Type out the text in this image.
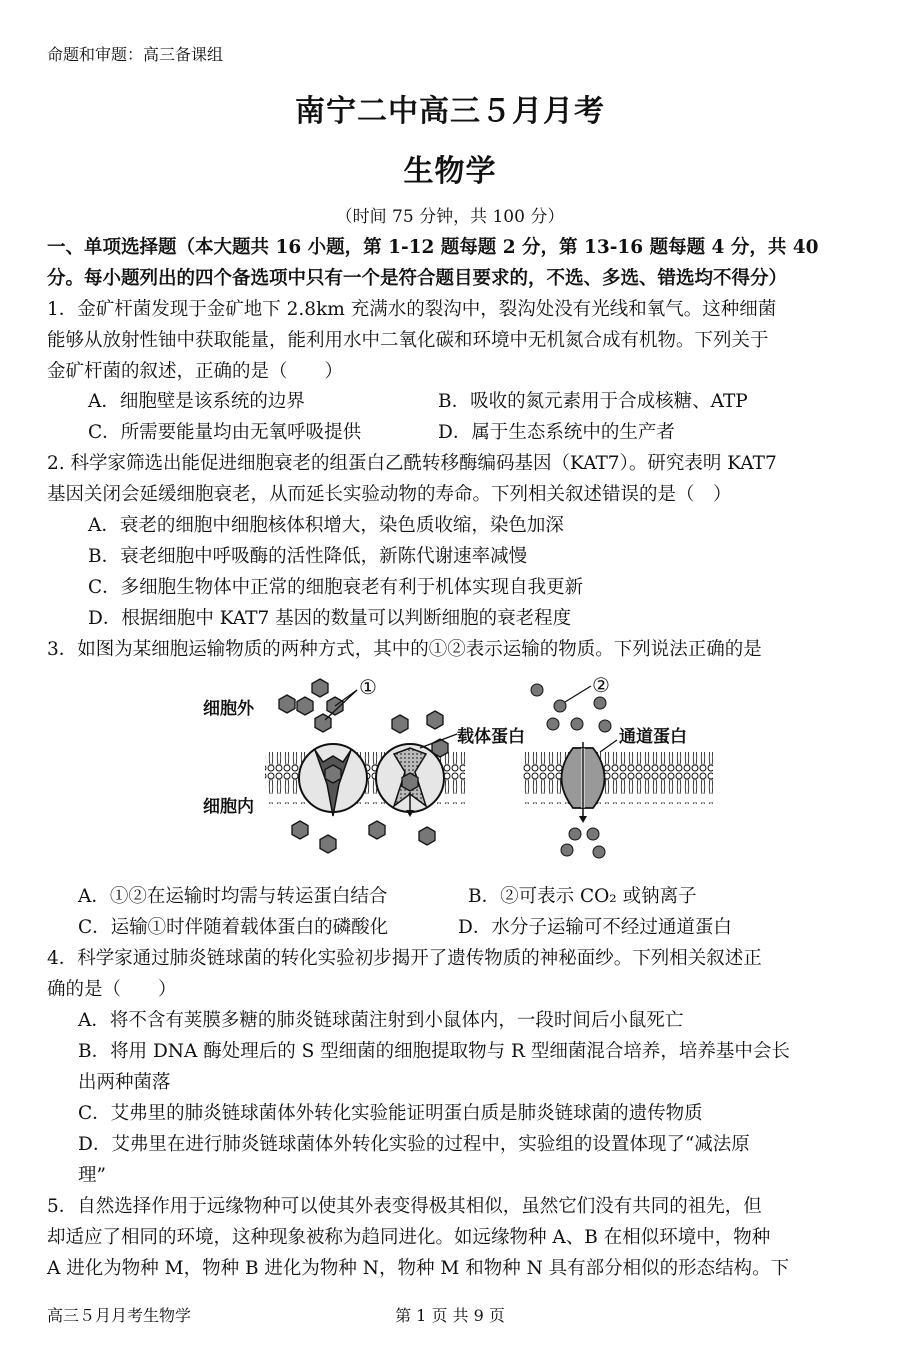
命题和审题：高三备课组
南宁二中高三５月月考
生物学
（时间 75 分钟，共 100 分）
一、单项选择题（本大题共 16 小题，第 1-12 题每题 2 分，第 13-16 题每题 4 分，共 40
分。每小题列出的四个备选项中只有一个是符合题目要求的，不选、多选、错选均不得分）
1．金矿杆菌发现于金矿地下 2.8km 充满水的裂沟中，裂沟处没有光线和氧气。这种细菌
能够从放射性铀中获取能量，能利用水中二氧化碳和环境中无机氮合成有机物。下列关于
金矿杆菌的叙述，正确的是（　　）
A．细胞壁是该系统的边界	B．吸收的氮元素用于合成核糖、ATP
C．所需要能量均由无氧呼吸提供	D．属于生态系统中的生产者
2. 科学家筛选出能促进细胞衰老的组蛋白乙酰转移酶编码基因（KAT7）。研究表明 KAT7
基因关闭会延缓细胞衰老，从而延长实验动物的寿命。下列相关叙述错误的是（　）
A．衰老的细胞中细胞核体积增大，染色质收缩，染色加深
B．衰老细胞中呼吸酶的活性降低，新陈代谢速率减慢
C．多细胞生物体中正常的细胞衰老有利于机体实现自我更新
D．根据细胞中 KAT7 基因的数量可以判断细胞的衰老程度
3．如图为某细胞运输物质的两种方式，其中的①②表示运输的物质。下列说法正确的是
细胞外
细胞内
①
载体蛋白	通道蛋白
②
A．①②在运输时均需与转运蛋白结合	B．②可表示 CO₂ 或钠离子
C．运输①时伴随着载体蛋白的磷酸化	D．水分子运输可不经过通道蛋白
4．科学家通过肺炎链球菌的转化实验初步揭开了遗传物质的神秘面纱。下列相关叙述正
确的是（　　）
A．将不含有荚膜多糖的肺炎链球菌注射到小鼠体内，一段时间后小鼠死亡
B．将用 DNA 酶处理后的 S 型细菌的细胞提取物与 R 型细菌混合培养，培养基中会长
出两种菌落
C．艾弗里的肺炎链球菌体外转化实验能证明蛋白质是肺炎链球菌的遗传物质
D．艾弗里在进行肺炎链球菌体外转化实验的过程中，实验组的设置体现了“减法原
理”
5．自然选择作用于远缘物种可以使其外表变得极其相似，虽然它们没有共同的祖先，但
却适应了相同的环境，这种现象被称为趋同进化。如远缘物种 A、B 在相似环境中，物种
A 进化为物种 M，物种 B 进化为物种 N，物种 M 和物种 N 具有部分相似的形态结构。下
高三５月月考生物学	第 1 页 共 9 页
